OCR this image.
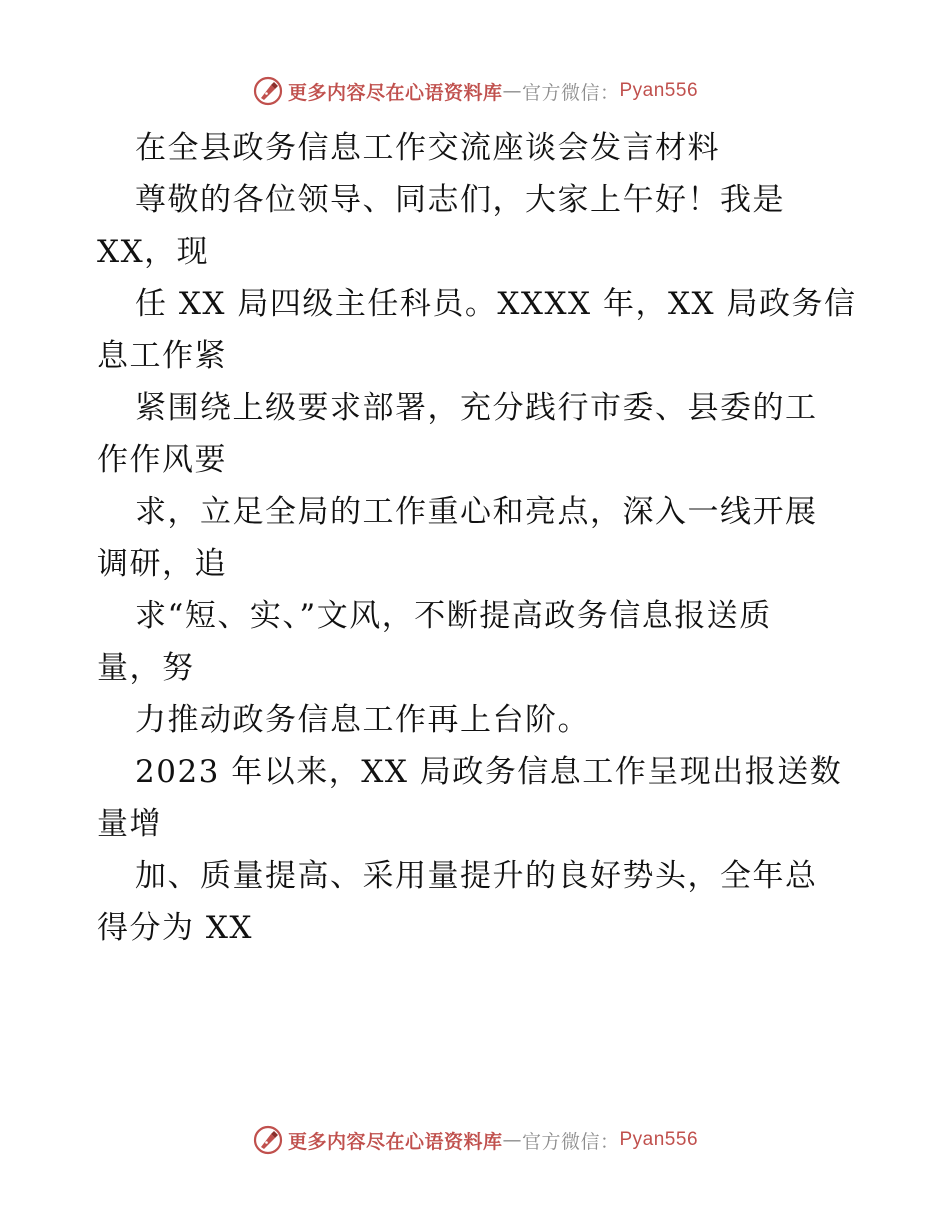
更多内容尽在心语资料库 — 官方微信： Pyan556
在全县政务信息工作交流座谈会发言材料
尊敬的各位领导、同志们，大家上午好！我是
XX，现
任 XX 局四级主任科员。XXXX 年，XX 局政务信
息工作紧
紧围绕上级要求部署，充分践行市委、县委的工
作作风要
求，立足全局的工作重心和亮点，深入一线开展
调研，追
求“短、实、”文风，不断提高政务信息报送质
量，努
力推动政务信息工作再上台阶。
2023 年以来，XX 局政务信息工作呈现出报送数
量增
加、质量提高、采用量提升的良好势头，全年总
得分为 XX
更多内容尽在心语资料库 — 官方微信： Pyan556
